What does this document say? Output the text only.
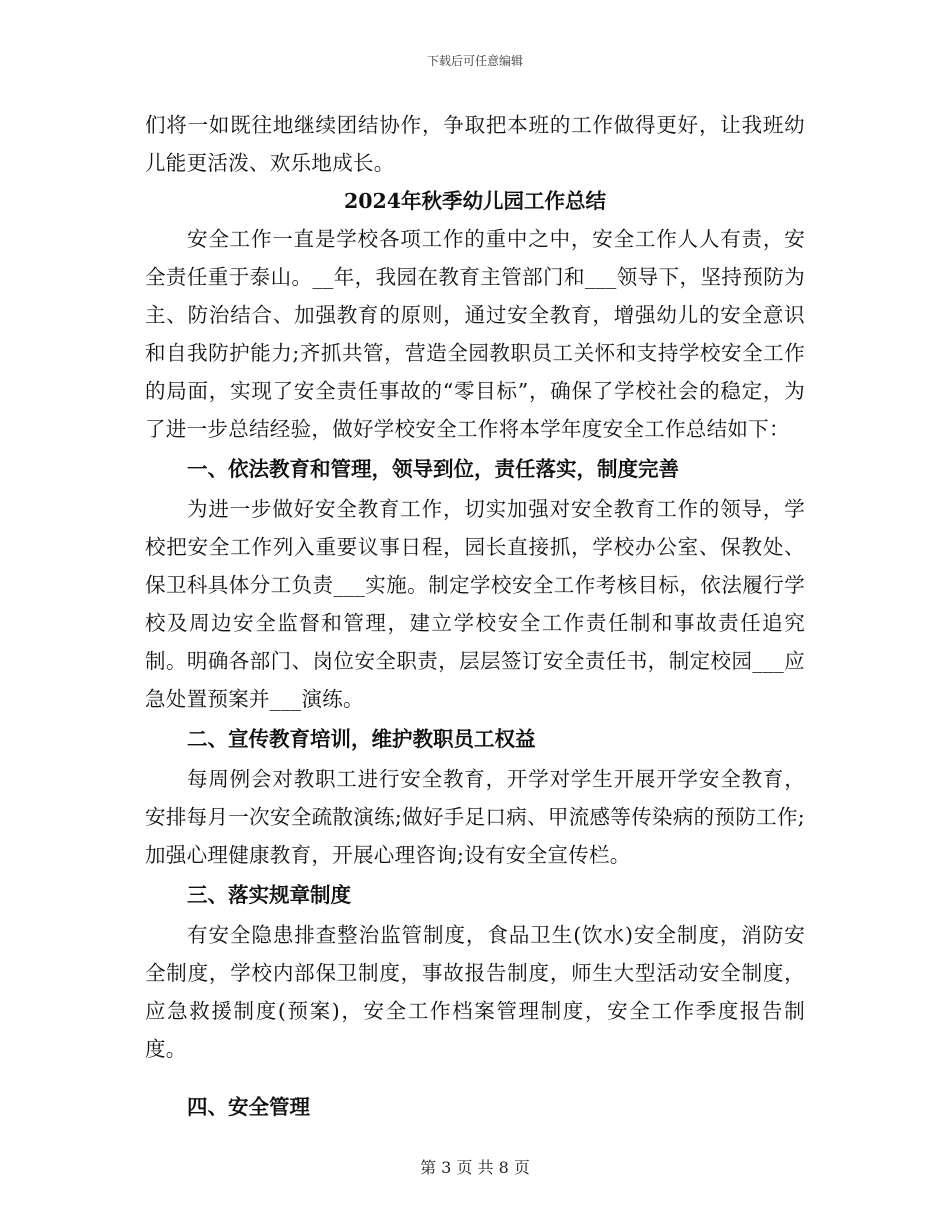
下载后可任意编辑

们将一如既往地继续团结协作，争取把本班的工作做得更好，让我班幼儿能更活泼、欢乐地成长。

2024年秋季幼儿园工作总结

安全工作一直是学校各项工作的重中之中，安全工作人人有责，安全责任重于泰山。__年，我园在教育主管部门和___领导下，坚持预防为主、防治结合、加强教育的原则，通过安全教育，增强幼儿的安全意识和自我防护能力;齐抓共管，营造全园教职员工关怀和支持学校安全工作的局面，实现了安全责任事故的“零目标”，确保了学校社会的稳定，为了进一步总结经验，做好学校安全工作将本学年度安全工作总结如下：

一、依法教育和管理，领导到位，责任落实，制度完善

为进一步做好安全教育工作，切实加强对安全教育工作的领导，学校把安全工作列入重要议事日程，园长直接抓，学校办公室、保教处、保卫科具体分工负责___实施。制定学校安全工作考核目标，依法履行学校及周边安全监督和管理，建立学校安全工作责任制和事故责任追究制。明确各部门、岗位安全职责，层层签订安全责任书，制定校园___应急处置预案并___演练。

二、宣传教育培训，维护教职员工权益

每周例会对教职工进行安全教育，开学对学生开展开学安全教育，安排每月一次安全疏散演练;做好手足口病、甲流感等传染病的预防工作;加强心理健康教育，开展心理咨询;设有安全宣传栏。

三、落实规章制度

有安全隐患排查整治监管制度，食品卫生(饮水)安全制度，消防安全制度，学校内部保卫制度，事故报告制度，师生大型活动安全制度，应急救援制度(预案)，安全工作档案管理制度，安全工作季度报告制度。

四、安全管理

第 3 页 共 8 页
